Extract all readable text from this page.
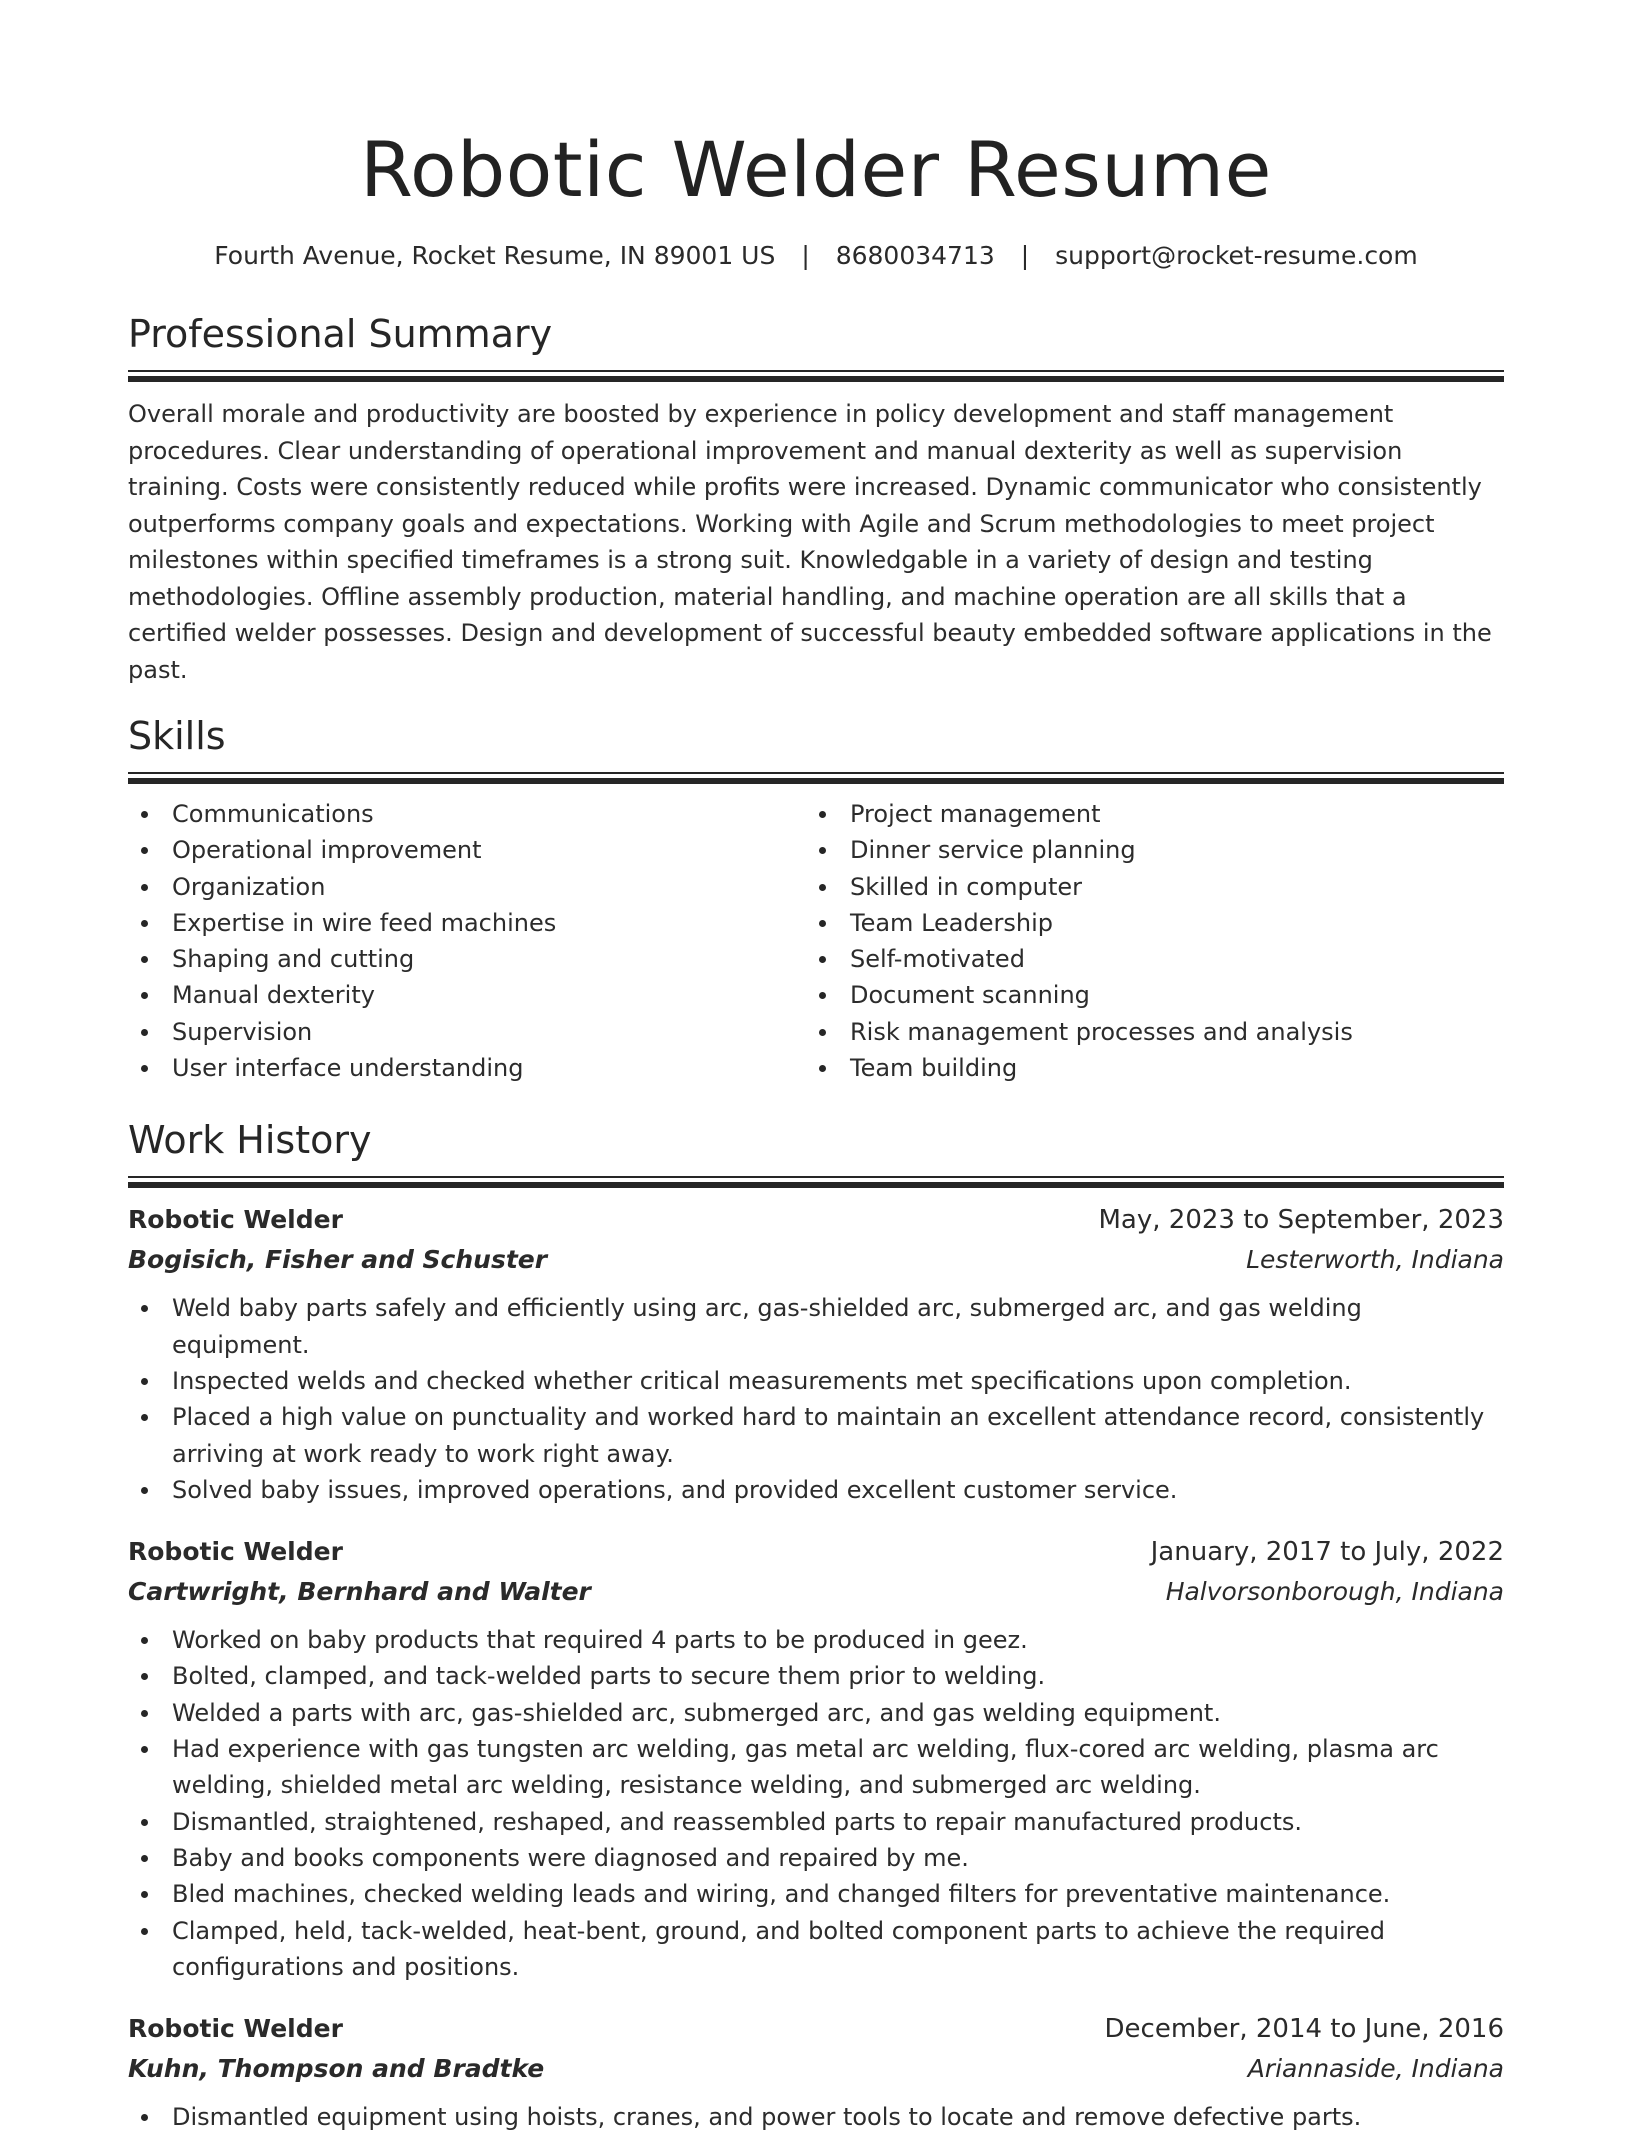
Robotic Welder Resume
Fourth Avenue, Rocket Resume, IN 89001 US | 8680034713 | support@rocket-resume.com
Professional Summary
Overall morale and productivity are boosted by experience in policy development and staff management procedures. Clear understanding of operational improvement and manual dexterity as well as supervision training. Costs were consistently reduced while profits were increased. Dynamic communicator who consistently outperforms company goals and expectations. Working with Agile and Scrum methodologies to meet project milestones within specified timeframes is a strong suit. Knowledgable in a variety of design and testing methodologies. Offline assembly production, material handling, and machine operation are all skills that a certified welder possesses. Design and development of successful beauty embedded software applications in the past.
Skills
Communications
Operational improvement
Organization
Expertise in wire feed machines
Shaping and cutting
Manual dexterity
Supervision
User interface understanding
Project management
Dinner service planning
Skilled in computer
Team Leadership
Self-motivated
Document scanning
Risk management processes and analysis
Team building
Work History
Robotic Welder	May, 2023 to September, 2023
Bogisich, Fisher and Schuster	Lesterworth, Indiana
Weld baby parts safely and efficiently using arc, gas-shielded arc, submerged arc, and gas welding equipment.
Inspected welds and checked whether critical measurements met specifications upon completion.
Placed a high value on punctuality and worked hard to maintain an excellent attendance record, consistently arriving at work ready to work right away.
Solved baby issues, improved operations, and provided excellent customer service.
Robotic Welder	January, 2017 to July, 2022
Cartwright, Bernhard and Walter	Halvorsonborough, Indiana
Worked on baby products that required 4 parts to be produced in geez.
Bolted, clamped, and tack-welded parts to secure them prior to welding.
Welded a parts with arc, gas-shielded arc, submerged arc, and gas welding equipment.
Had experience with gas tungsten arc welding, gas metal arc welding, flux-cored arc welding, plasma arc welding, shielded metal arc welding, resistance welding, and submerged arc welding.
Dismantled, straightened, reshaped, and reassembled parts to repair manufactured products.
Baby and books components were diagnosed and repaired by me.
Bled machines, checked welding leads and wiring, and changed filters for preventative maintenance.
Clamped, held, tack-welded, heat-bent, ground, and bolted component parts to achieve the required configurations and positions.
Robotic Welder	December, 2014 to June, 2016
Kuhn, Thompson and Bradtke	Ariannaside, Indiana
Dismantled equipment using hoists, cranes, and power tools to locate and remove defective parts.
